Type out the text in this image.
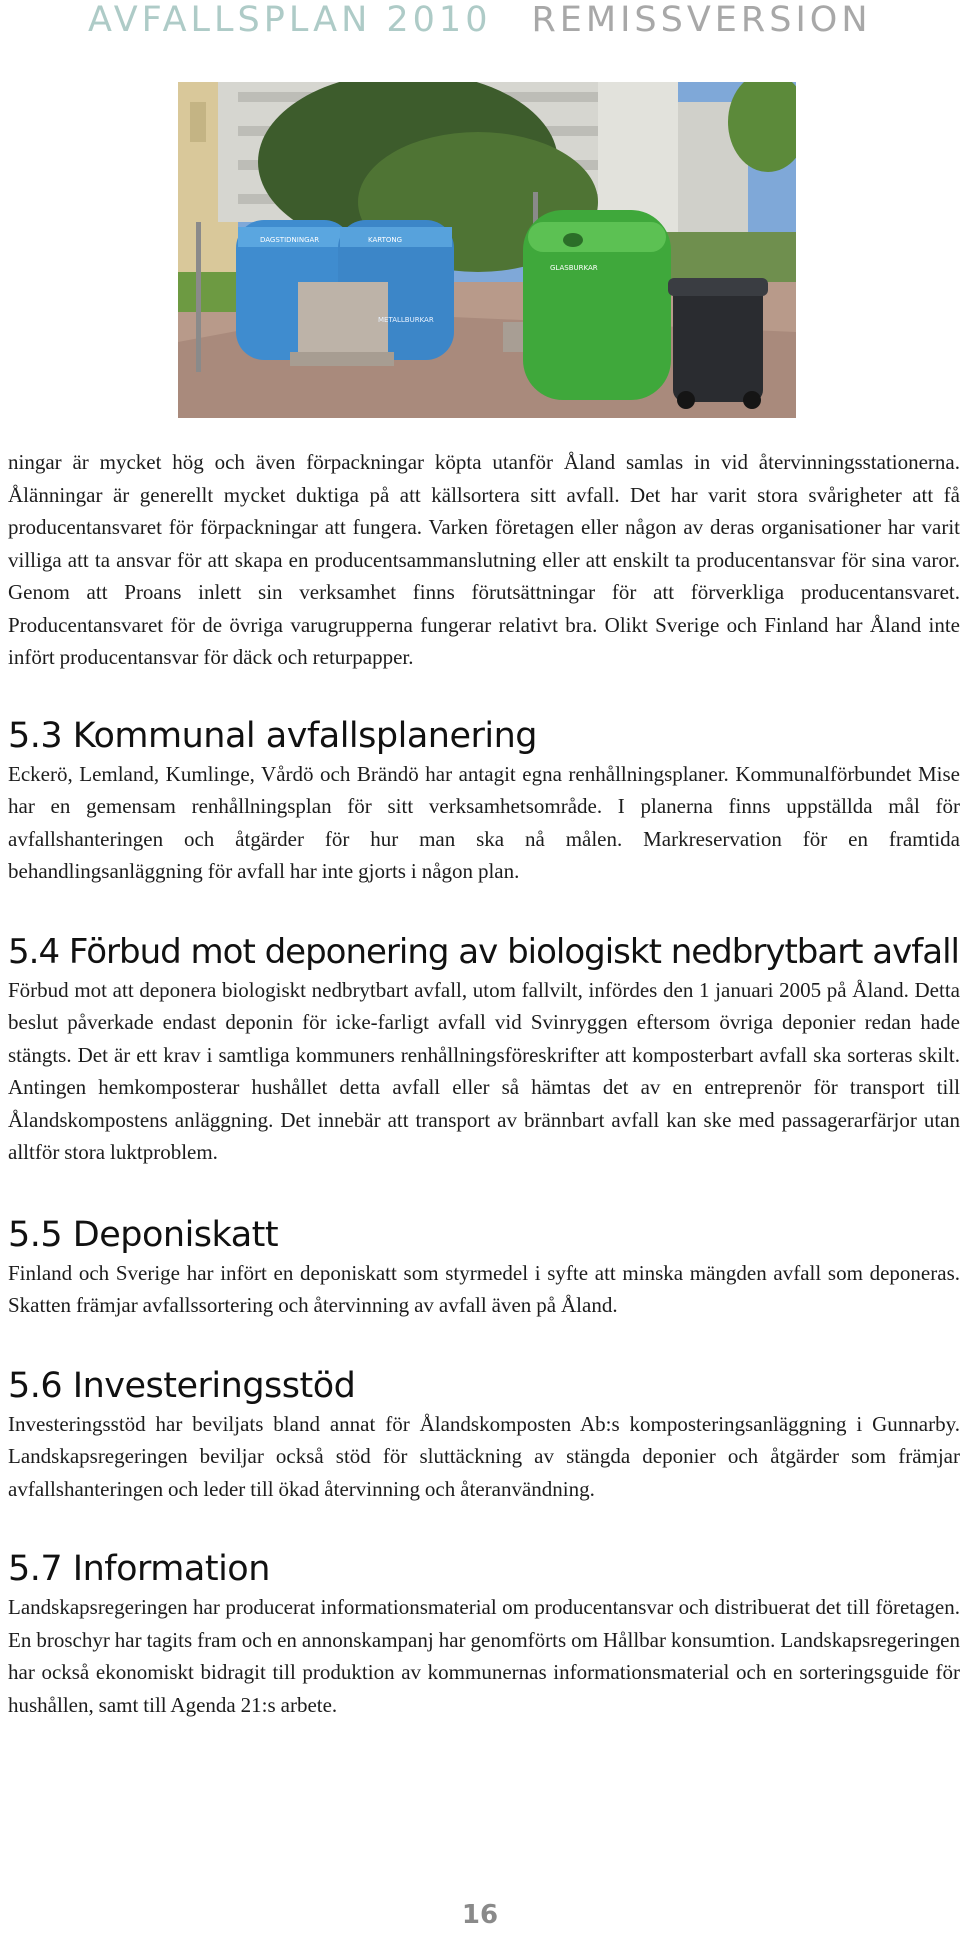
AVFALLSPLAN 2010 REMISSVERSION
DAGSTIDNINGAR	KARTONG
METALLBURKAR
GLASBURKAR

ningar är mycket hög och även förpackningar köpta utanför Åland samlas in vid återvinningsstationerna. Ålänningar är generellt mycket duktiga på att källsortera sitt avfall. Det har varit stora svårigheter att få producentansvaret för förpackningar att fungera. Varken företagen eller någon av deras organisationer har varit villiga att ta ansvar för att skapa en producentsammanslutning eller att enskilt ta producentansvar för sina varor. Genom att Proans inlett sin verksamhet finns förutsättningar för att förverkliga producentansvaret. Producentansvaret för de övriga varugrupperna fungerar relativt bra. Olikt Sverige och Finland har Åland inte infört producentansvar för däck och returpapper.

5.3 Kommunal avfallsplanering

Eckerö, Lemland, Kumlinge, Vårdö och Brändö har antagit egna renhållningsplaner. Kommunalförbundet Mise har en gemensam renhållningsplan för sitt verksamhetsområde. I planerna finns uppställda mål för avfallshanteringen och åtgärder för hur man ska nå målen. Markreservation för en framtida behandlingsanläggning för avfall har inte gjorts i någon plan.

5.4 Förbud mot deponering av biologiskt nedbrytbart avfall

Förbud mot att deponera biologiskt nedbrytbart avfall, utom fallvilt, infördes den 1 januari 2005 på Åland. Detta beslut påverkade endast deponin för icke-farligt avfall vid Svinryggen eftersom övriga deponier redan hade stängts. Det är ett krav i samtliga kommuners renhållningsföreskrifter att komposterbart avfall ska sorteras skilt. Antingen hemkomposterar hushållet detta avfall eller så hämtas det av en entreprenör för transport till Ålandskompostens anläggning. Det innebär att transport av brännbart avfall kan ske med passagerarfärjor utan alltför stora luktproblem.

5.5 Deponiskatt

Finland och Sverige har infört en deponiskatt som styrmedel i syfte att minska mängden avfall som deponeras. Skatten främjar avfallssortering och återvinning av avfall även på Åland.

5.6 Investeringsstöd

Investeringsstöd har beviljats bland annat för Ålandskomposten Ab:s komposteringsanläggning i Gunnarby. Landskapsregeringen beviljar också stöd för sluttäckning av stängda deponier och åtgärder som främjar avfallshanteringen och leder till ökad återvinning och återanvändning.

5.7 Information

Landskapsregeringen har producerat informationsmaterial om producentansvar och distribuerat det till företagen. En broschyr har tagits fram och en annonskampanj har genomförts om Hållbar konsumtion. Landskapsregeringen har också ekonomiskt bidragit till produktion av kommunernas informationsmaterial och en sorteringsguide för hushållen, samt till Agenda 21:s arbete.

16
